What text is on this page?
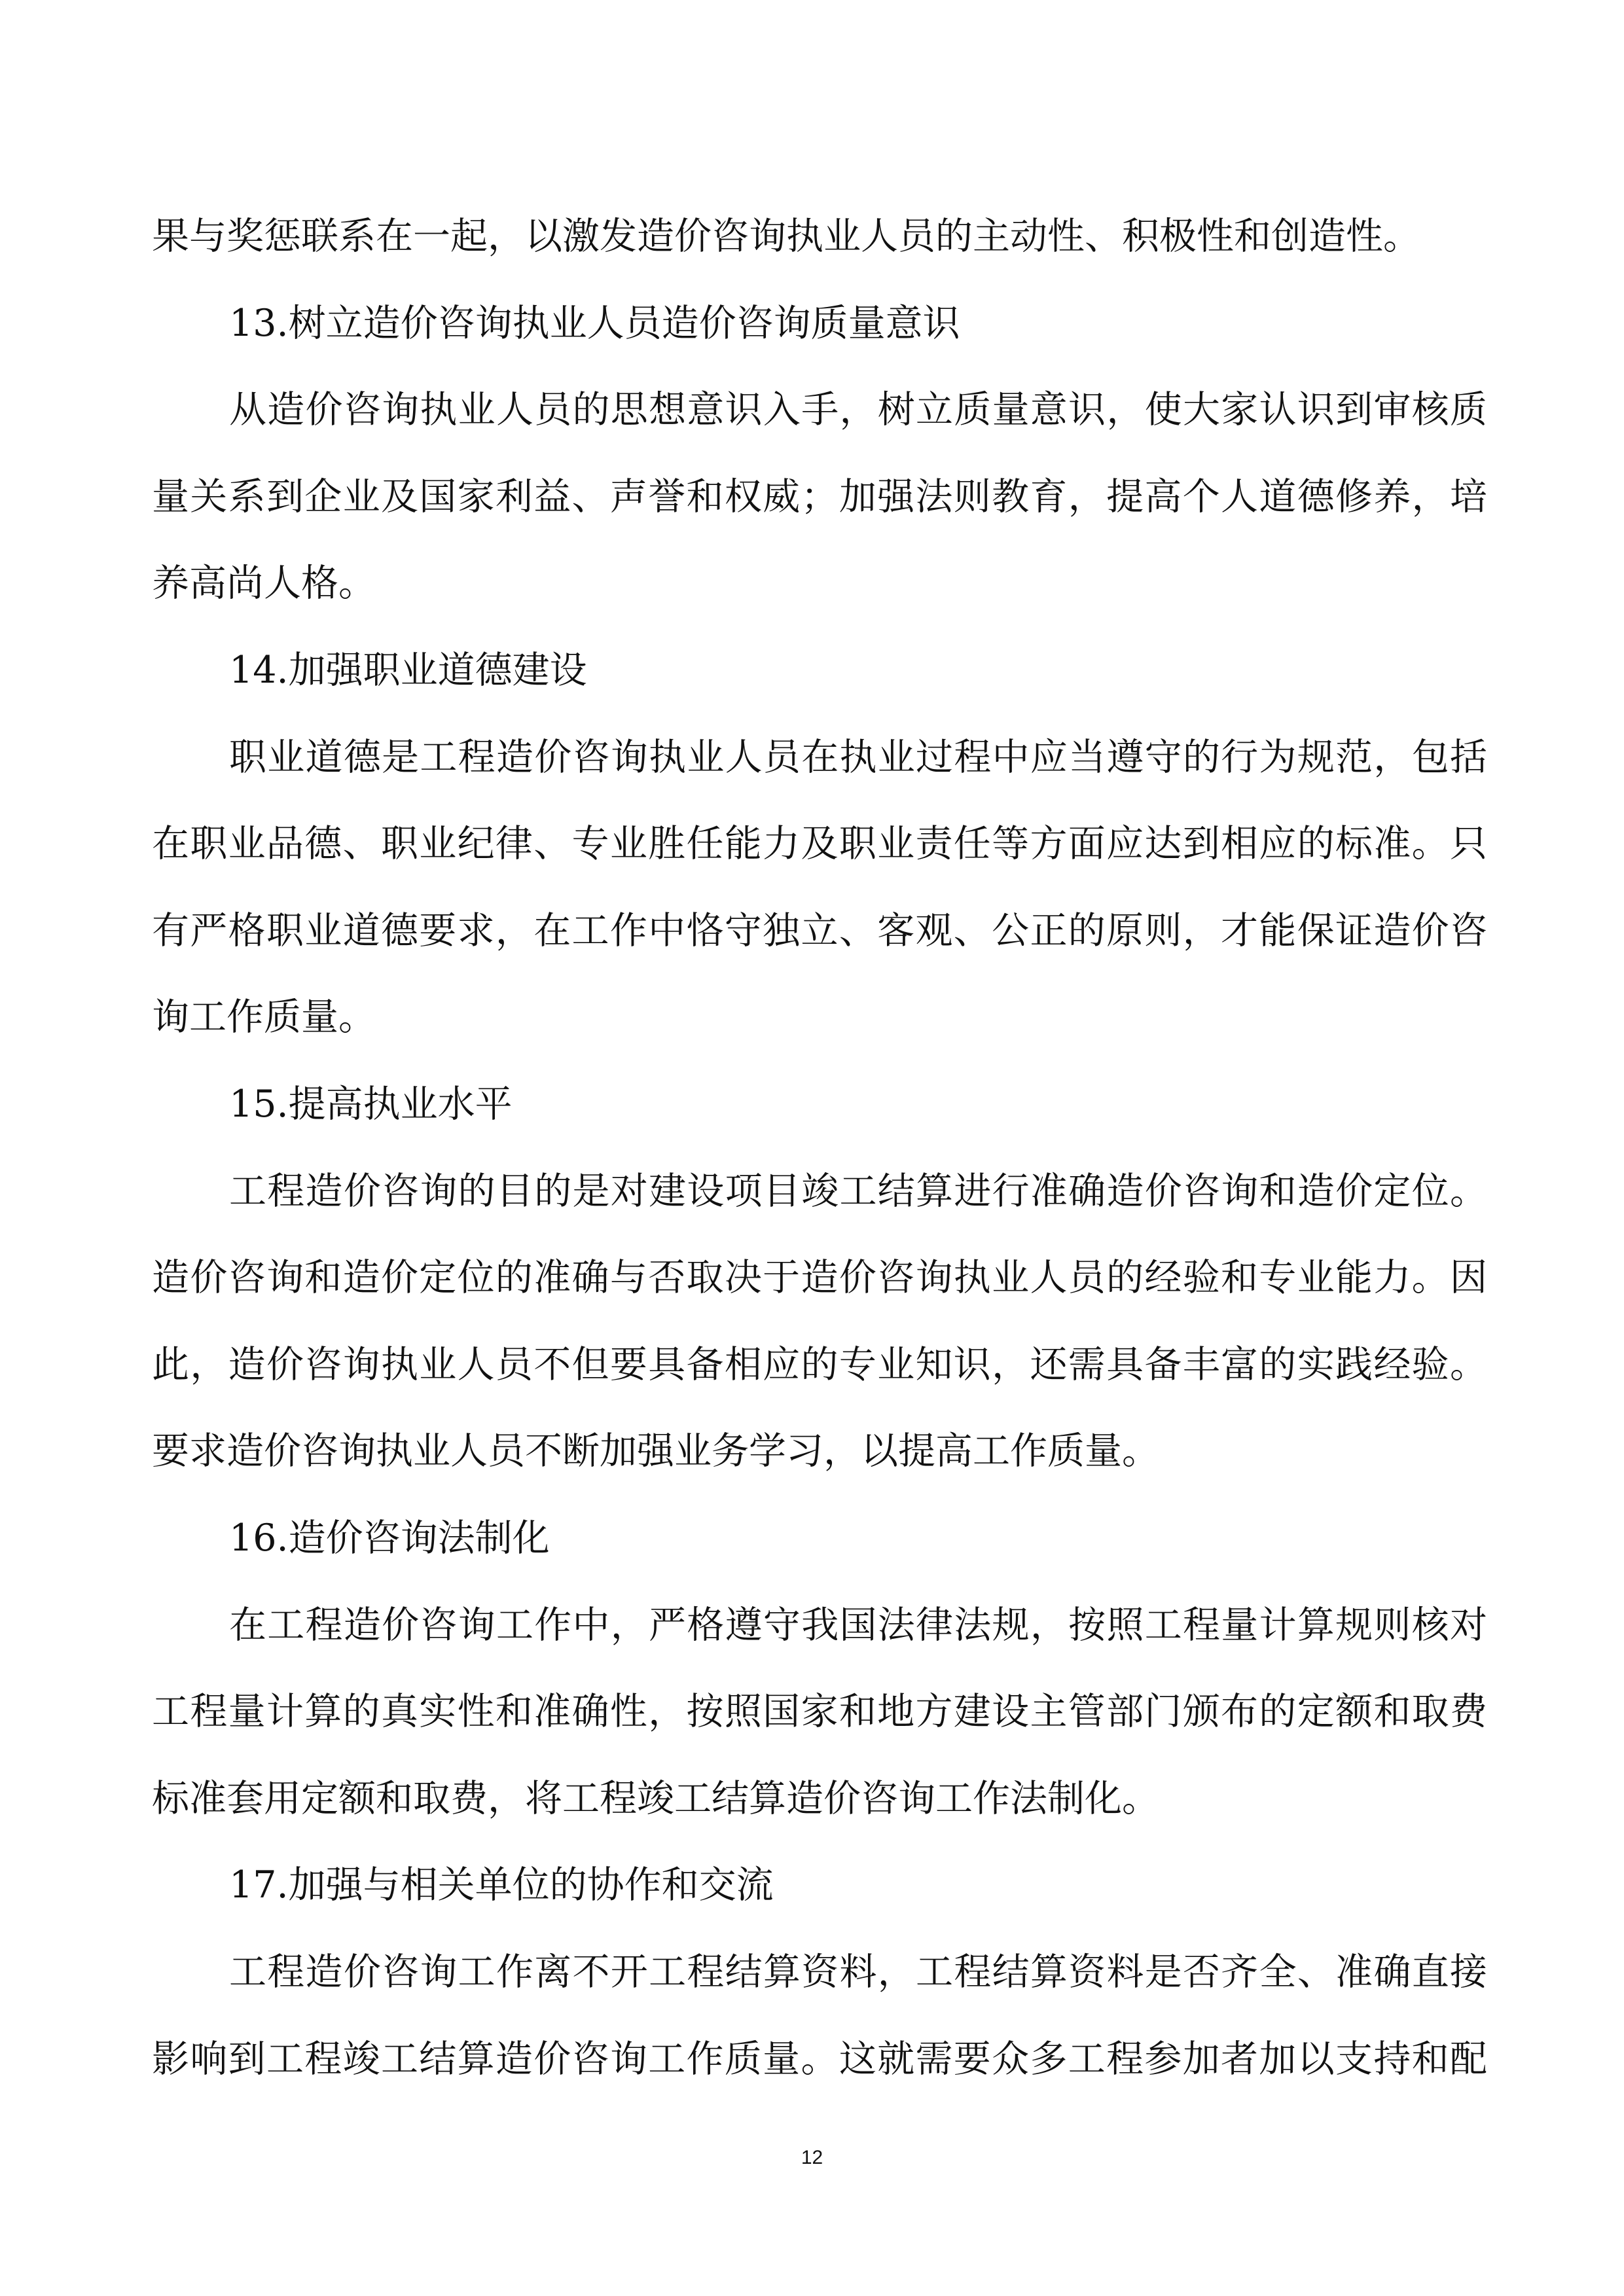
果与奖惩联系在一起，以激发造价咨询执业人员的主动性、积极性和创造性。
13.树立造价咨询执业人员造价咨询质量意识
从造价咨询执业人员的思想意识入手，树立质量意识，使大家认识到审核质
量关系到企业及国家利益、声誉和权威；加强法则教育，提高个人道德修养，培
养高尚人格。
14.加强职业道德建设
职业道德是工程造价咨询执业人员在执业过程中应当遵守的行为规范，包括
在职业品德、职业纪律、专业胜任能力及职业责任等方面应达到相应的标准。只
有严格职业道德要求，在工作中恪守独立、客观、公正的原则，才能保证造价咨
询工作质量。
15.提高执业水平
工程造价咨询的目的是对建设项目竣工结算进行准确造价咨询和造价定位。
造价咨询和造价定位的准确与否取决于造价咨询执业人员的经验和专业能力。因
此，造价咨询执业人员不但要具备相应的专业知识，还需具备丰富的实践经验。
要求造价咨询执业人员不断加强业务学习，以提高工作质量。
16.造价咨询法制化
在工程造价咨询工作中，严格遵守我国法律法规，按照工程量计算规则核对
工程量计算的真实性和准确性，按照国家和地方建设主管部门颁布的定额和取费
标准套用定额和取费，将工程竣工结算造价咨询工作法制化。
17.加强与相关单位的协作和交流
工程造价咨询工作离不开工程结算资料，工程结算资料是否齐全、准确直接
影响到工程竣工结算造价咨询工作质量。这就需要众多工程参加者加以支持和配
12
